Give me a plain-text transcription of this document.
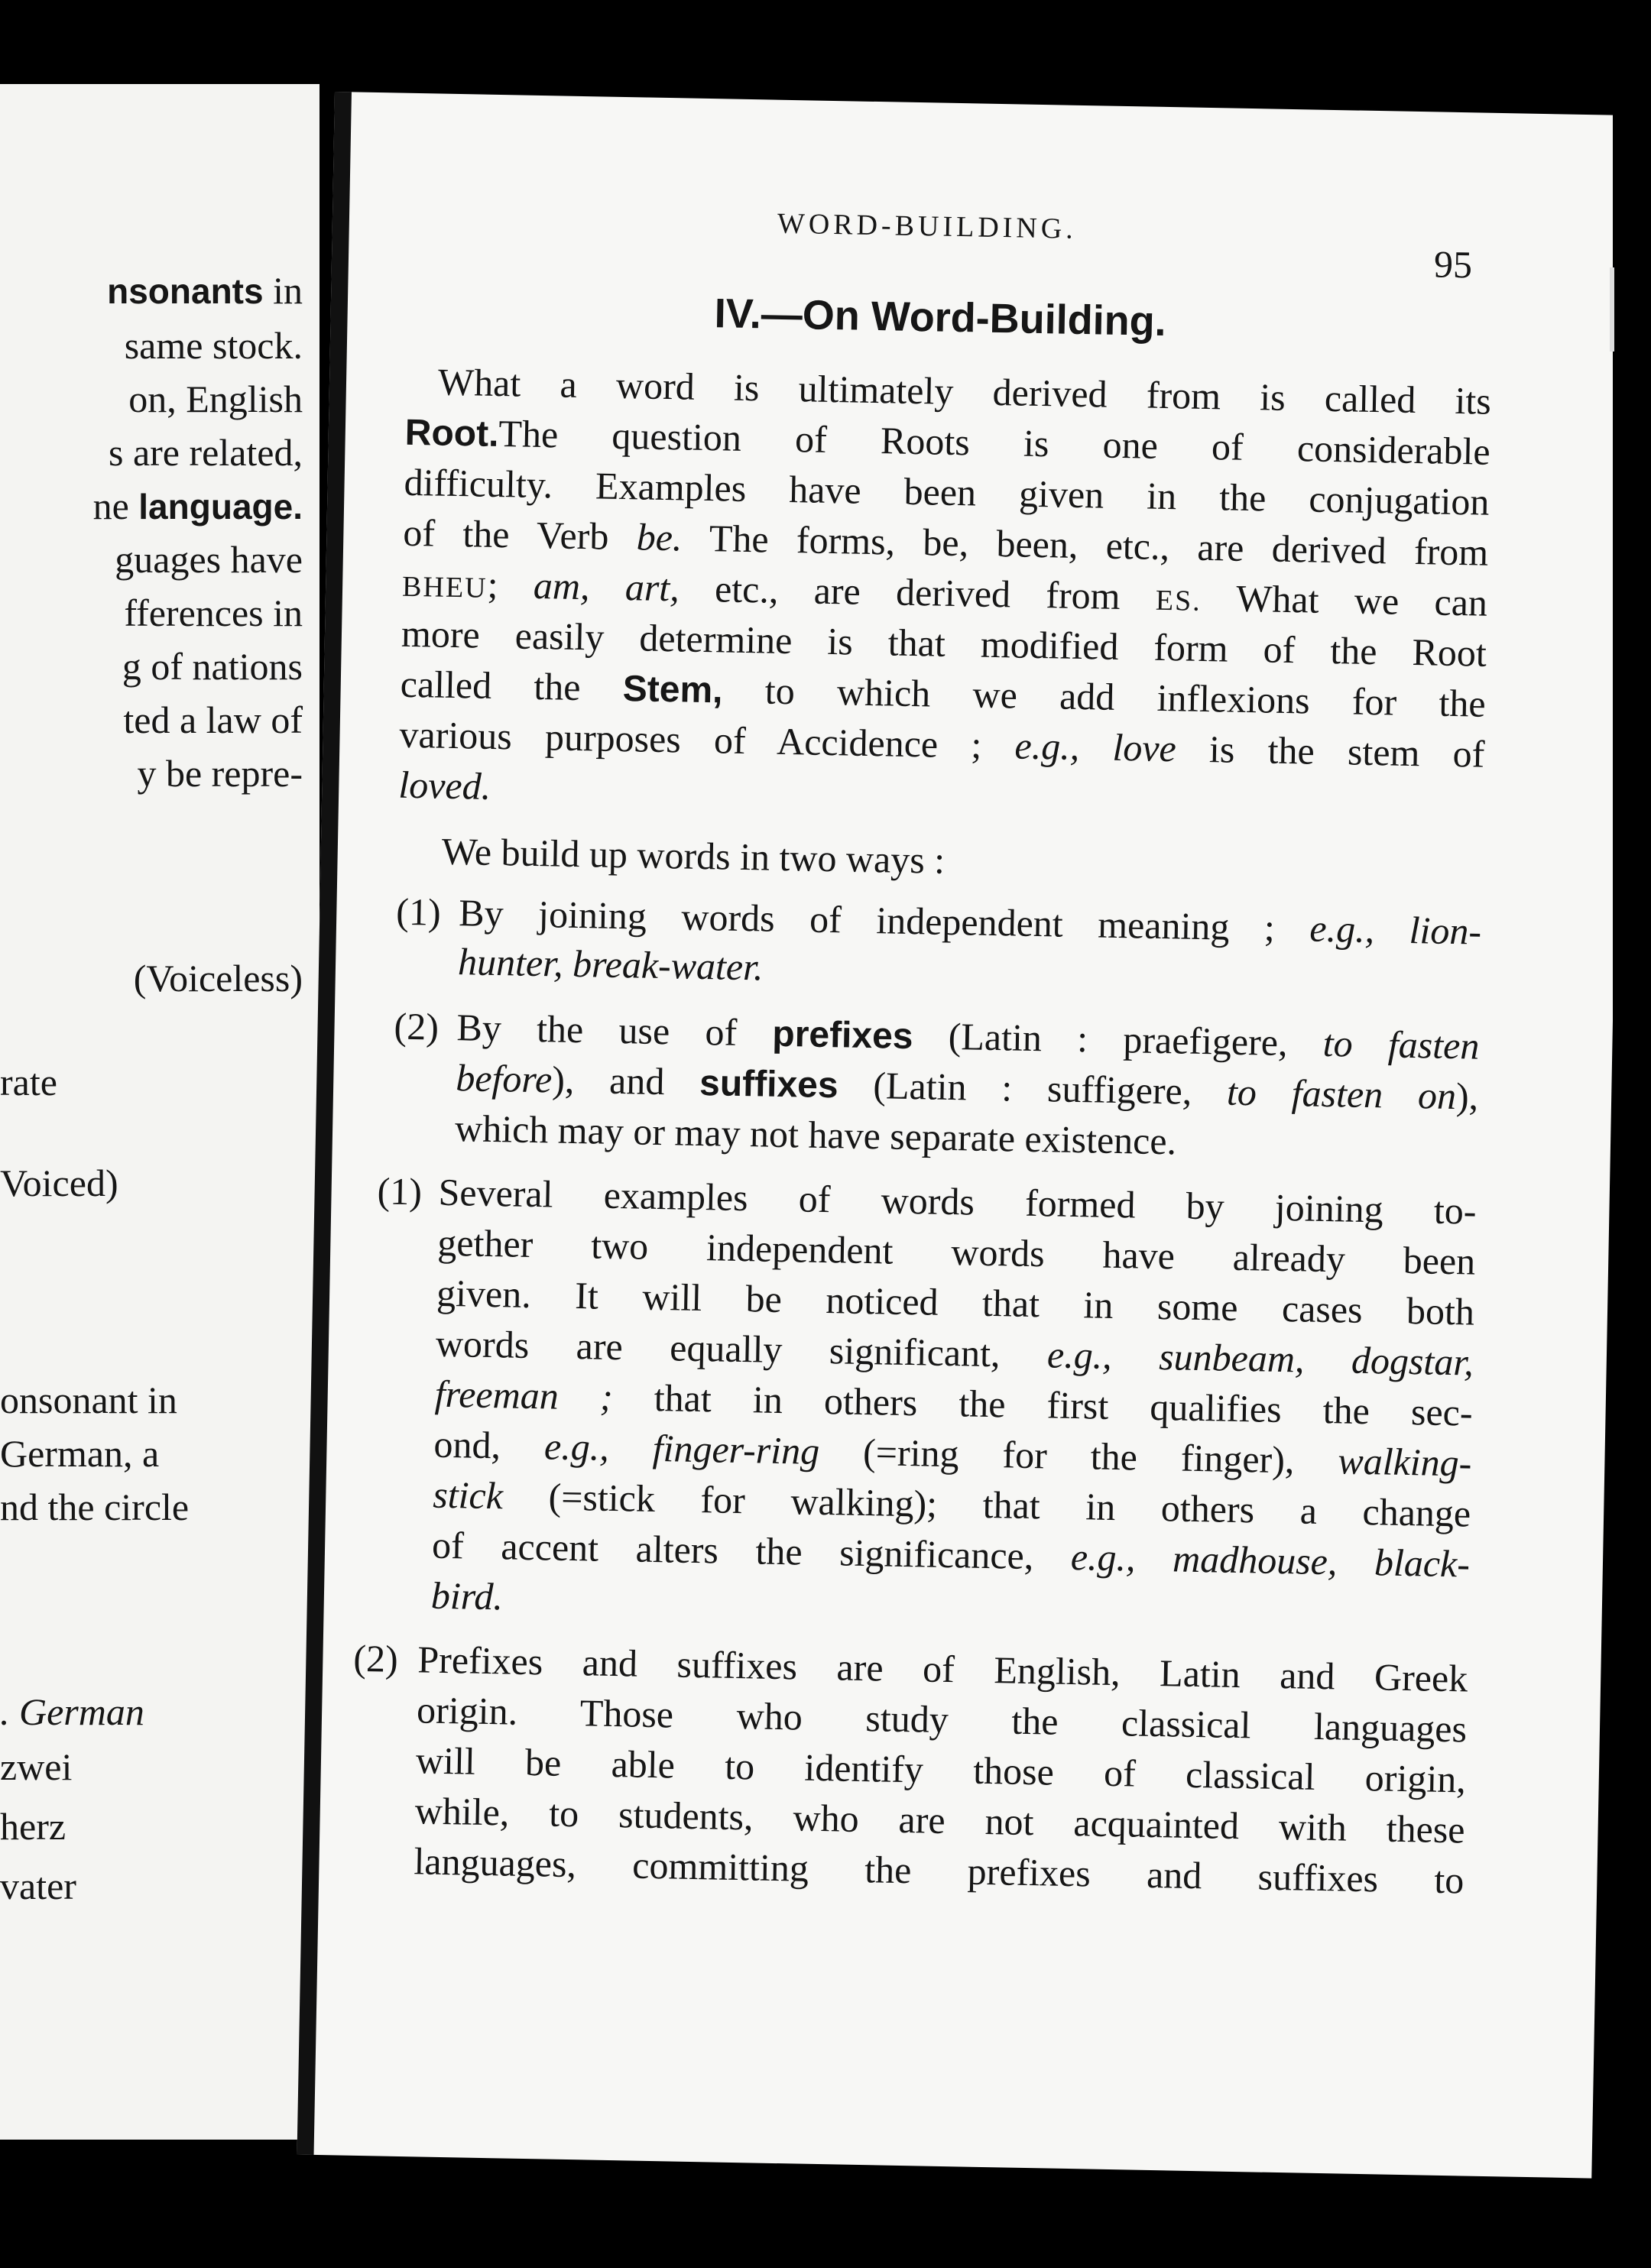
nsonants in
same stock.
on, English
s are related,
ne language.
guages have
fferences in
g of nations
ted a law of
y be repre-
(Voiceless)
rate
Voiced)
onsonant in
German, a
nd the circle
. German
zwei
herz
vater
WORD-BUILDING.
95
IV.—On Word-Building.
What a word is ultimately derived from is called its
Root.The question of Roots is one of considerable
difficulty. Examples have been given in the conjugation
of the Verb be. The forms, be, been, etc., are derived from
BHEU; am, art, etc., are derived from ES. What we can
more easily determine is that modified form of the Root
called the Stem, to which we add inflexions for the
various purposes of Accidence ; e.g., love is the stem of
loved.
We build up words in two ways :
(1) By joining words of independent meaning ; e.g., lion-
hunter, break-water.
(2) By the use of prefixes (Latin : praefigere, to fasten
before), and suffixes (Latin : suffigere, to fasten on),
which may or may not have separate existence.
(1) Several examples of words formed by joining to-
gether two independent words have already been
given. It will be noticed that in some cases both
words are equally significant, e.g., sunbeam, dogstar,
freeman ; that in others the first qualifies the sec-
ond, e.g., finger-ring (=ring for the finger), walking-
stick (=stick for walking); that in others a change
of accent alters the significance, e.g., madhouse, black-
bird.
(2) Prefixes and suffixes are of English, Latin and Greek
origin. Those who study the classical languages
will be able to identify those of classical origin,
while, to students, who are not acquainted with these
languages, committing the prefixes and suffixes to
